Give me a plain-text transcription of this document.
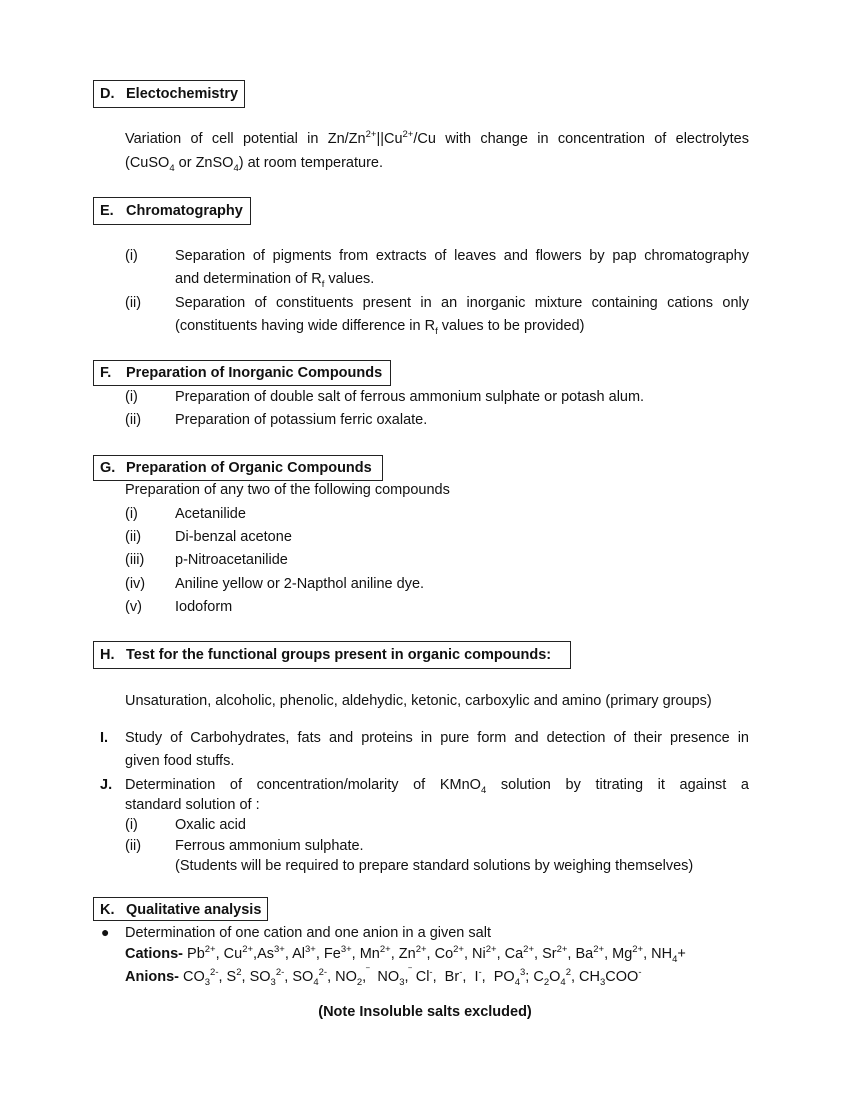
D. Electochemistry
Variation of cell potential in $Zn/Zn^{2+}||Cu^{2+}/Cu$ with change in concentration of electrolytes
(CuSO$_4$ or ZnSO$_4$) at room temperature.
E. Chromatography
(i)	Separation of pigments from extracts of leaves and flowers by pap chromatography
and determination of $R_f$ values.
(ii) Separation of constituents present in an inorganic mixture containing cations only
(constituents having wide difference in $R_f$ values to be provided)
F.	Preparation of Inorganic Compounds
(i)	Preparation of double salt of ferrous ammonium sulphate or potash alum.
(ii) Preparation of potassium ferric oxalate.
G. Preparation of Organic Compounds
Preparation of any two of the following compounds
(i)	Acetanilide
(ii) Di-benzal acetone
(iii) p-Nitroacetanilide
(iv) Aniline yellow or 2-Napthol aniline dye.
(v) Iodoform
H. Test for the functional groups present in organic compounds:
Unsaturation, alcoholic, phenolic, aldehydic, ketonic, carboxylic and amino (primary groups)
I. Study of Carbohydrates, fats and proteins in pure form and detection of their presence in
given food stuffs.
J. Determination of concentration/molarity of KMnO$_4$ solution by titrating it against a
standard solution of :
(i)	Oxalic acid
(ii) Ferrous ammonium sulphate.
(Students will be required to prepare standard solutions by weighing themselves)
K. Qualitative analysis
● Determination of one cation and one anion in a given salt
Cations- $Pb^{2+}$, $Cu^{2+},As^{3+}$, $Al^{3+}$, $Fe^{3+}$, $Mn^{2+}$, $Zn^{2+}$, $Co^{2+}$, $Ni^{2+}$, $Ca^{2+}$, $Sr^{2+}$, $Ba^{2+}$, $Mg^{2+}$, $NH_4+$
Anions- $CO_3^{2-}$, $S^2$, $SO_3^{2-}$, $SO_4^{2-}$, $NO_2,^‾$  $NO_3,^‾$ Cl-,  Br-,  I-,  $PO_4^3$; $C_2O_4^2$, $CH_3COO^-$
(Note Insoluble salts excluded)
